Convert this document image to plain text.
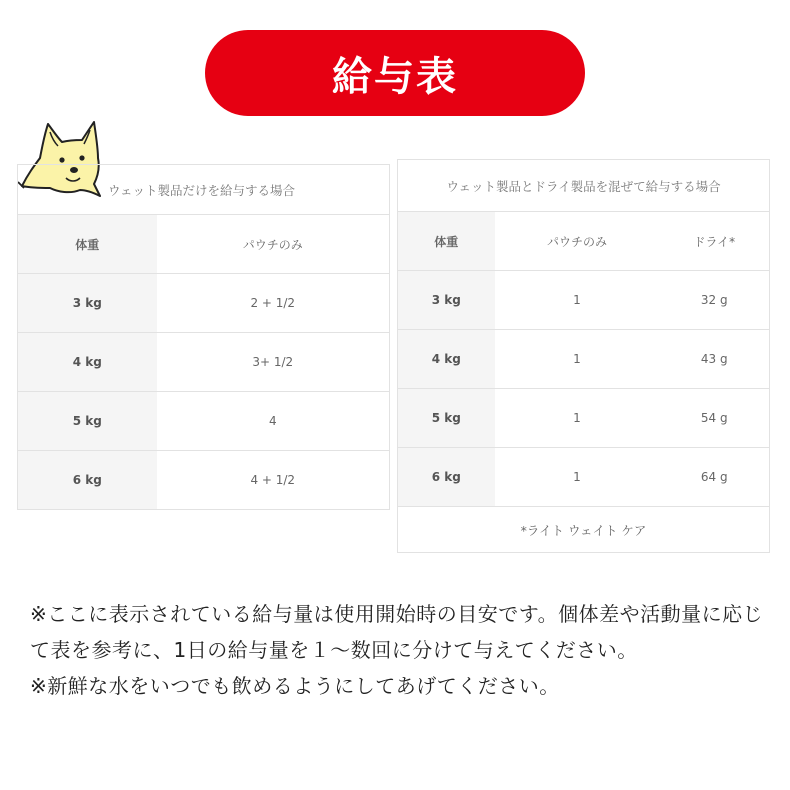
給与表
ウェット製品だけを給与する場合	
体重	パウチのみ
3 kg	2 + 1/2
4 kg	3+ 1/2
5 kg	4
6 kg	4 + 1/2
ウェット製品とドライ製品を混ぜて給与する場合		
体重	パウチのみ	ドライ*
3 kg	1	32 g
4 kg	1	43 g
5 kg	1	54 g
6 kg	1	64 g
*ライト ウェイト ケア		

※ここに表示されている給与量は使用開始時の目安です。個体差や活動量に応じて表を参考に、1日の給与量を１～数回に分けて与えてください。

※新鮮な水をいつでも飲めるようにしてあげてください。
